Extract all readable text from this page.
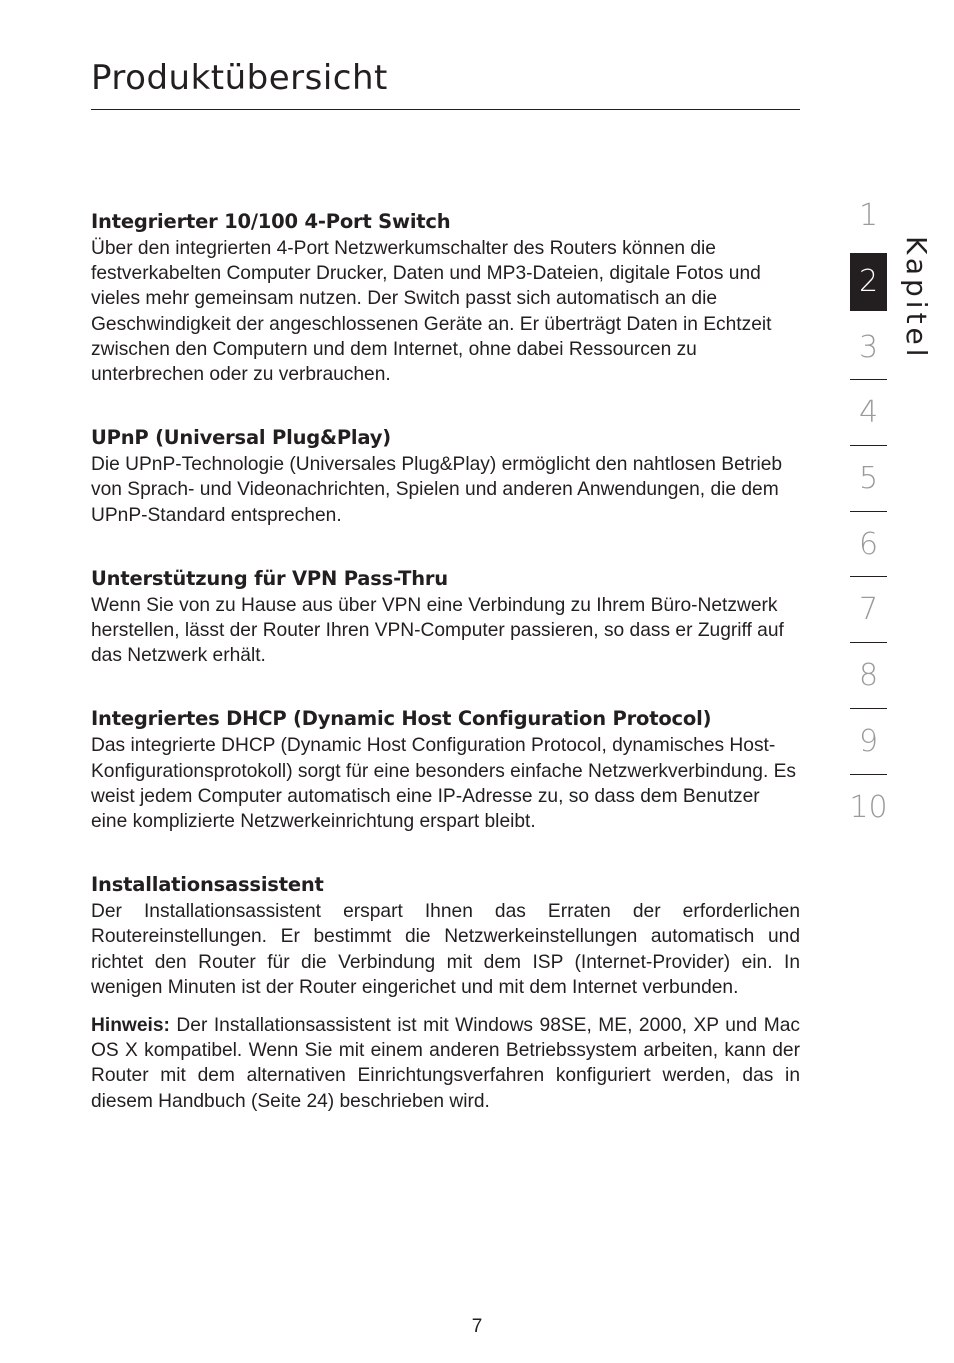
Produktübersicht
Integrierter 10/100 4-Port Switch

Über den integrierten 4-Port Netzwerkumschalter des Routers können die festverkabelten Computer Drucker, Daten und MP3-Dateien, digitale Fotos und vieles mehr gemeinsam nutzen. Der Switch passt sich automatisch an die Geschwindigkeit der angeschlossenen Geräte an. Er überträgt Daten in Echtzeit zwischen den Computern und dem Internet, ohne dabei Ressourcen zu unterbrechen oder zu verbrauchen.

UPnP (Universal Plug&Play)

Die UPnP-Technologie (Universales Plug&Play) ermöglicht den nahtlosen Betrieb von Sprach- und Videonachrichten, Spielen und anderen Anwendungen, die dem UPnP-Standard entsprechen.

Unterstützung für VPN Pass-Thru

Wenn Sie von zu Hause aus über VPN eine Verbindung zu Ihrem Büro-Netzwerk herstellen, lässt der Router Ihren VPN-Computer passieren, so dass er Zugriff auf das Netzwerk erhält.

Integriertes DHCP (Dynamic Host Configuration Protocol)

Das integrierte DHCP (Dynamic Host Configuration Protocol, dynamisches Host-Konfigurationsprotokoll) sorgt für eine besonders einfache Netzwerkverbindung. Es weist jedem Computer automatisch eine IP-Adresse zu, so dass dem Benutzer eine komplizierte Netzwerkeinrichtung erspart bleibt.

Installationsassistent

Der Installationsassistent erspart Ihnen das Erraten der erforderlichen Routereinstellungen. Er bestimmt die Netzwerkeinstellungen automatisch und richtet den Router für die Verbindung mit dem ISP (Internet-Provider) ein. In wenigen Minuten ist der Router eingerichet und mit dem Internet verbunden.

Hinweis: Der Installationsassistent ist mit Windows 98SE, ME, 2000, XP und Mac OS X kompatibel. Wenn Sie mit einem anderen Betriebssystem arbeiten, kann der Router mit dem alternativen Einrichtungsverfahren konfiguriert werden, das in diesem Handbuch (Seite 24) beschrieben wird.

1
2
3
4
5
6
7
8
9
10
Kapitel
7
